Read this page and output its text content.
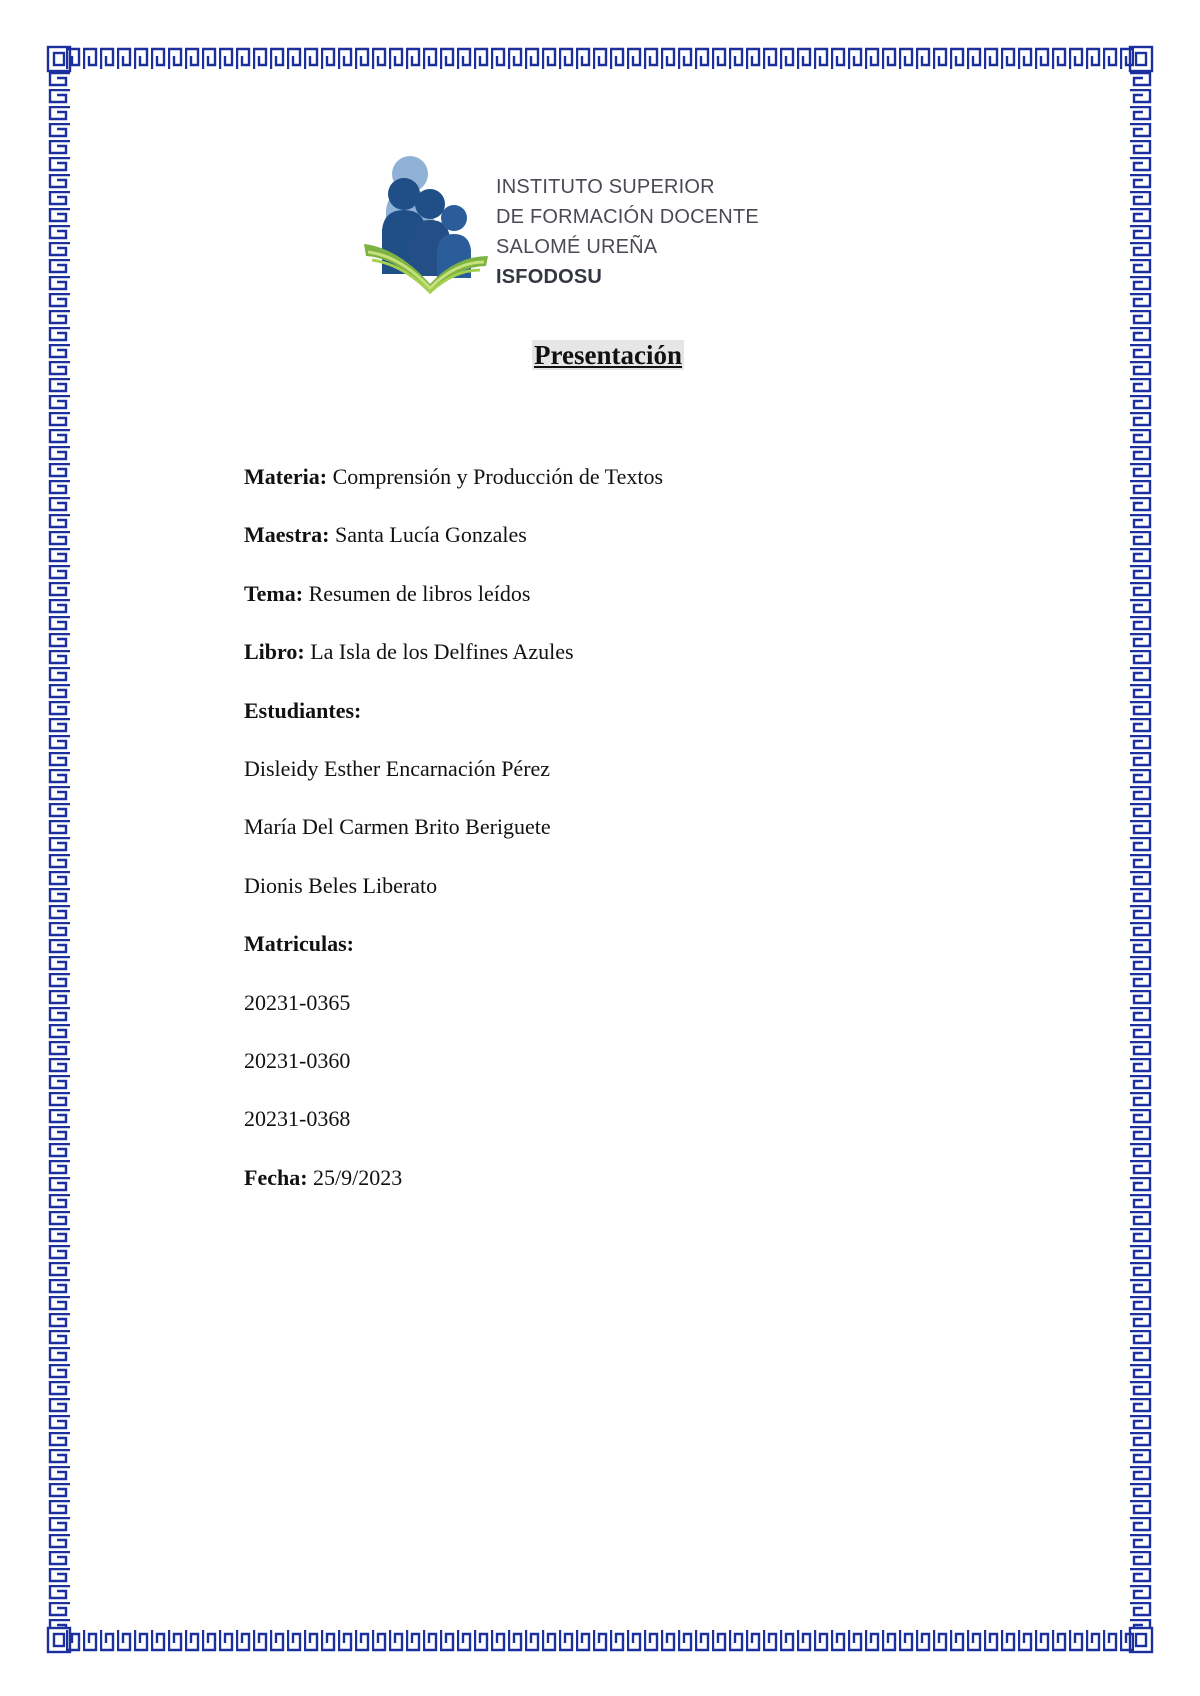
INSTITUTO SUPERIOR
DE FORMACIÓN DOCENTE
SALOMÉ UREÑA
ISFODOSU
Presentación
Materia: Comprensión y Producción de Textos
Maestra: Santa Lucía Gonzales
Tema: Resumen de libros leídos
Libro: La Isla de los Delfines Azules
Estudiantes:
Disleidy Esther Encarnación Pérez
María Del Carmen Brito Beriguete
Dionis Beles Liberato
Matriculas:
20231-0365
20231-0360
20231-0368
Fecha: 25/9/2023
